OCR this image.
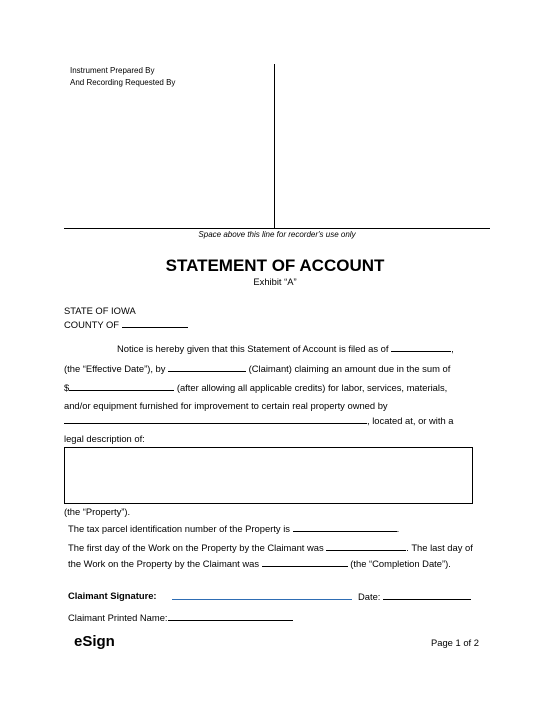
Instrument Prepared By
And Recording Requested By
Space above this line for recorder's use only
STATEMENT OF ACCOUNT
Exhibit “A”
STATE OF IOWA
COUNTY OF
Notice is hereby given that this Statement of Account is filed as of	,
(the “Effective Date”), by	(Claimant) claiming an amount due in the sum of
$	(after allowing all applicable credits) for labor, services, materials,
and/or equipment furnished for improvement to certain real property owned by
, located at, or with a
legal description of:
(the “Property”).
The tax parcel identification number of the Property is	.
The first day of the Work on the Property by the Claimant was	. The last day of
the Work on the Property by the Claimant was	(the “Completion Date”).
Claimant Signature:	Date:
Claimant Printed Name:
eSign	Page 1 of 2
